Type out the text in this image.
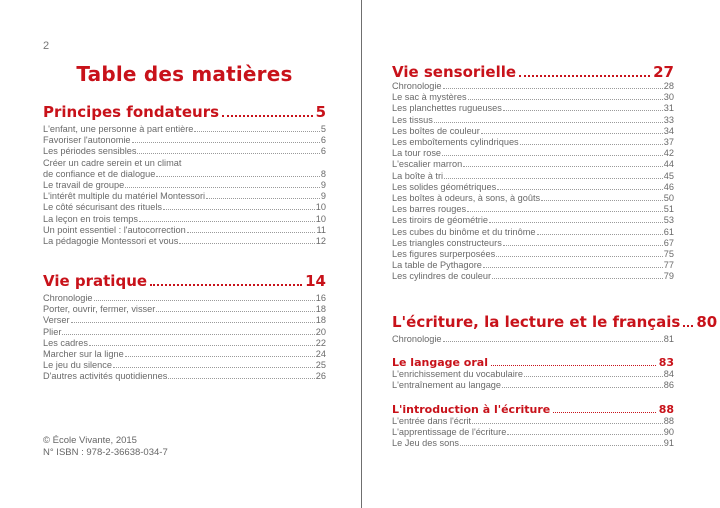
2
Table des matières
Principes fondateurs	5
L'enfant, une personne à part entière	5
Favoriser l'autonomie	6
Les périodes sensibles	6
Créer un cadre serein et un climat
de confiance et de dialogue	8
Le travail de groupe	9
L'intérêt multiple du matériel Montessori	9
Le côté sécurisant des rituels	10
La leçon en trois temps	10
Un point essentiel : l'autocorrection	11
La pédagogie Montessori et vous	12
Vie pratique	14
Chronologie	16
Porter, ouvrir, fermer, visser	18
Verser	18
Plier	20
Les cadres	22
Marcher sur la ligne	24
Le jeu du silence	25
D'autres activités quotidiennes	26
© École Vivante, 2015
N° ISBN : 978-2-36638-034-7
Vie sensorielle	27
Chronologie	28
Le sac à mystères	30
Les planchettes rugueuses	31
Les tissus	33
Les boîtes de couleur	34
Les emboîtements cylindriques	37
La tour rose	42
L'escalier marron	44
La boîte à tri	45
Les solides géométriques	46
Les boîtes à odeurs, à sons, à goûts	50
Les barres rouges	51
Les tiroirs de géométrie	53
Les cubes du binôme et du trinôme	61
Les triangles constructeurs	67
Les figures surperposées	75
La table de Pythagore	77
Les cylindres de couleur	79
L'écriture, la lecture et le français 80
Chronologie	81
Le langage oral	83
L'enrichissement du vocabulaire	84
L'entraînement au langage	86
L'introduction à l'écriture	88
L'entrée dans l'écrit	88
L'apprentissage de l'écriture	90
Le Jeu des sons	91
